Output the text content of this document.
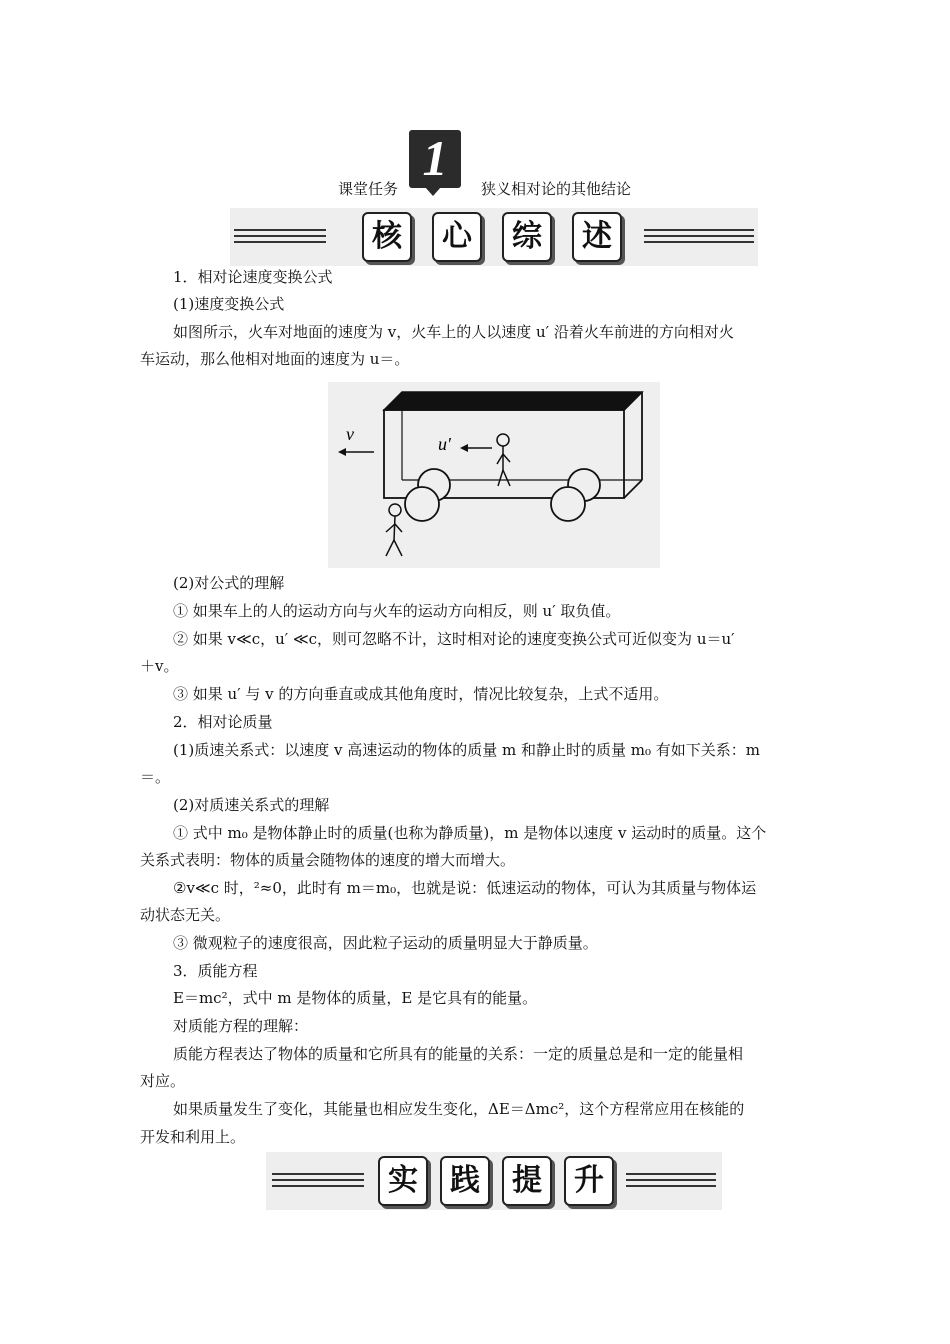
1
课堂任务	狭义相对论的其他结论
核	心	综	述
1．相对论速度变换公式
(1)速度变换公式
如图所示，火车对地面的速度为 v，火车上的人以速度 u′ 沿着火车前进的方向相对火
车运动，那么他相对地面的速度为 u＝。
v	u′
(2)对公式的理解
① 如果车上的人的运动方向与火车的运动方向相反，则 u′ 取负值。
② 如果 v≪c，u′ ≪c，则可忽略不计，这时相对论的速度变换公式可近似变为 u＝u′
＋v。
③ 如果 u′ 与 v 的方向垂直或成其他角度时，情况比较复杂，上式不适用。
2．相对论质量
(1)质速关系式：以速度 v 高速运动的物体的质量 m 和静止时的质量 m₀ 有如下关系：m
＝。
(2)对质速关系式的理解
① 式中 m₀ 是物体静止时的质量(也称为静质量)，m 是物体以速度 v 运动时的质量。这个
关系式表明：物体的质量会随物体的速度的增大而增大。
②v≪c 时，²≈0，此时有 m＝m₀，也就是说：低速运动的物体，可认为其质量与物体运
动状态无关。
③ 微观粒子的速度很高，因此粒子运动的质量明显大于静质量。
3．质能方程
E＝mc²，式中 m 是物体的质量，E 是它具有的能量。
对质能方程的理解：
质能方程表达了物体的质量和它所具有的能量的关系：一定的质量总是和一定的能量相
对应。
如果质量发生了变化，其能量也相应发生变化，ΔE＝Δmc²，这个方程常应用在核能的
开发和利用上。
实	践	提	升
